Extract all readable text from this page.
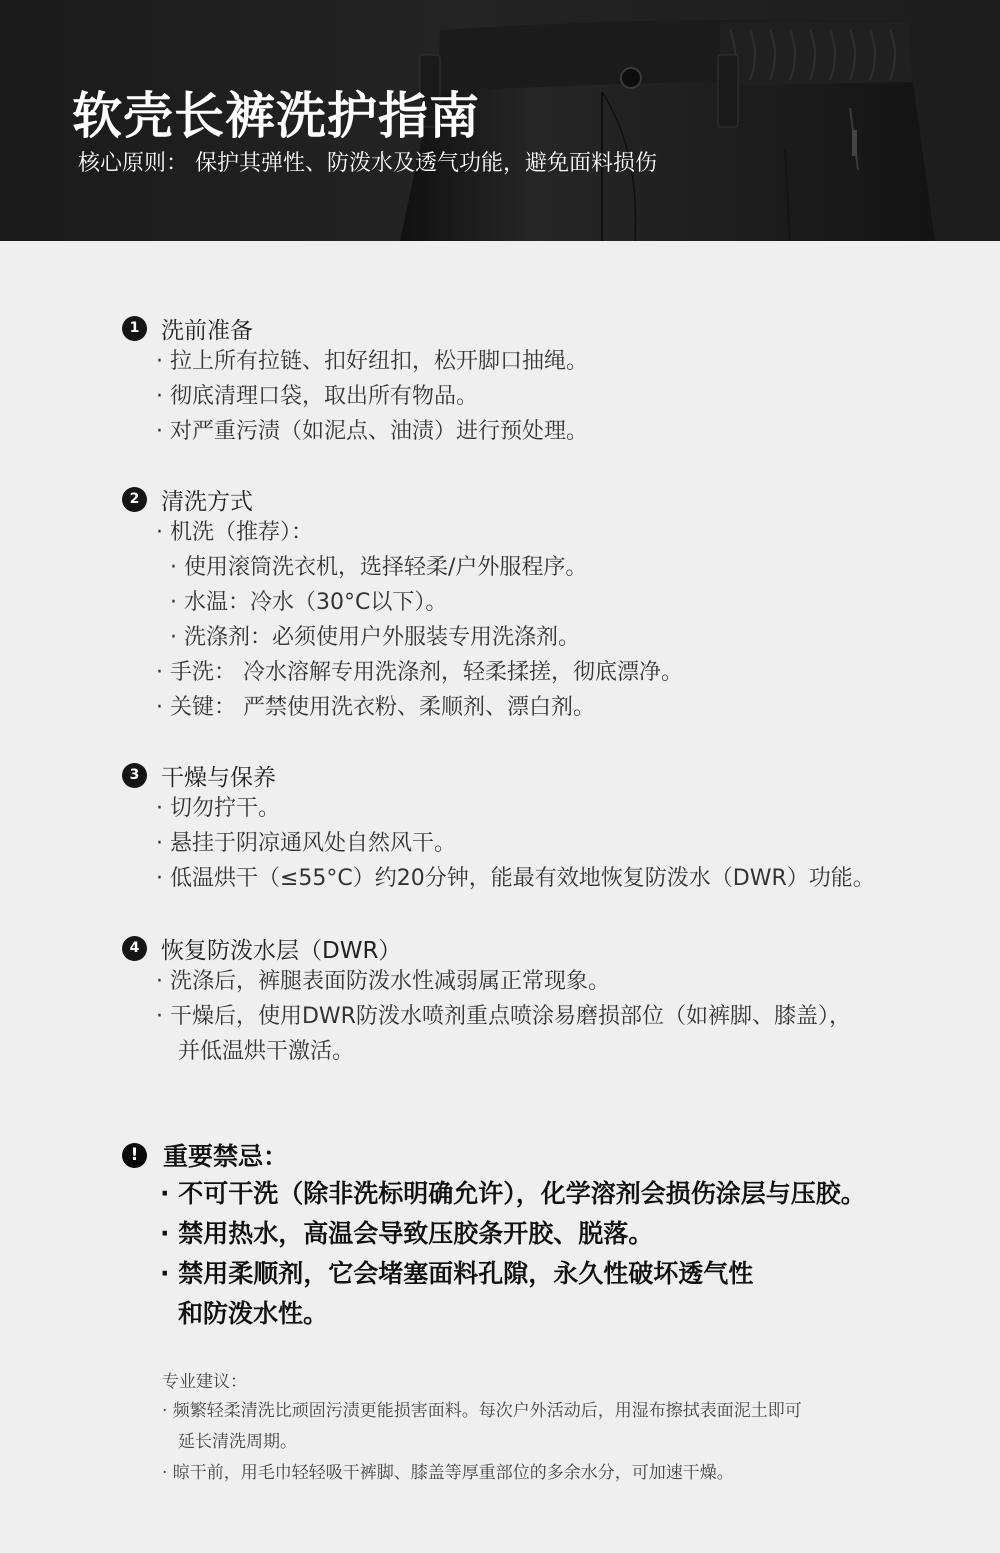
软壳长裤洗护指南

核心原则： 保护其弹性、防泼水及透气功能，避免面料损伤

1 洗前准备
· 拉上所有拉链、扣好纽扣，松开脚口抽绳。
· 彻底清理口袋，取出所有物品。
· 对严重污渍（如泥点、油渍）进行预处理。
2 清洗方式
· 机洗（推荐）：
· 使用滚筒洗衣机，选择轻柔/户外服程序。
· 水温：冷水（30°C以下）。
· 洗涤剂：必须使用户外服装专用洗涤剂。
· 手洗： 冷水溶解专用洗涤剂，轻柔揉搓，彻底漂净。
· 关键： 严禁使用洗衣粉、柔顺剂、漂白剂。
3 干燥与保养
· 切勿拧干。
· 悬挂于阴凉通风处自然风干。
· 低温烘干（≤55°C）约20分钟，能最有效地恢复防泼水（DWR）功能。
4 恢复防泼水层（DWR）
· 洗涤后，裤腿表面防泼水性减弱属正常现象。
· 干燥后，使用DWR防泼水喷剂重点喷涂易磨损部位（如裤脚、膝盖），
并低温烘干激活。
! 重要禁忌：
· 不可干洗（除非洗标明确允许），化学溶剂会损伤涂层与压胶。
· 禁用热水，高温会导致压胶条开胶、脱落。
· 禁用柔顺剂，它会堵塞面料孔隙，永久性破坏透气性
和防泼水性。
专业建议：
· 频繁轻柔清洗比顽固污渍更能损害面料。每次户外活动后，用湿布擦拭表面泥土即可
延长清洗周期。
· 晾干前，用毛巾轻轻吸干裤脚、膝盖等厚重部位的多余水分，可加速干燥。
